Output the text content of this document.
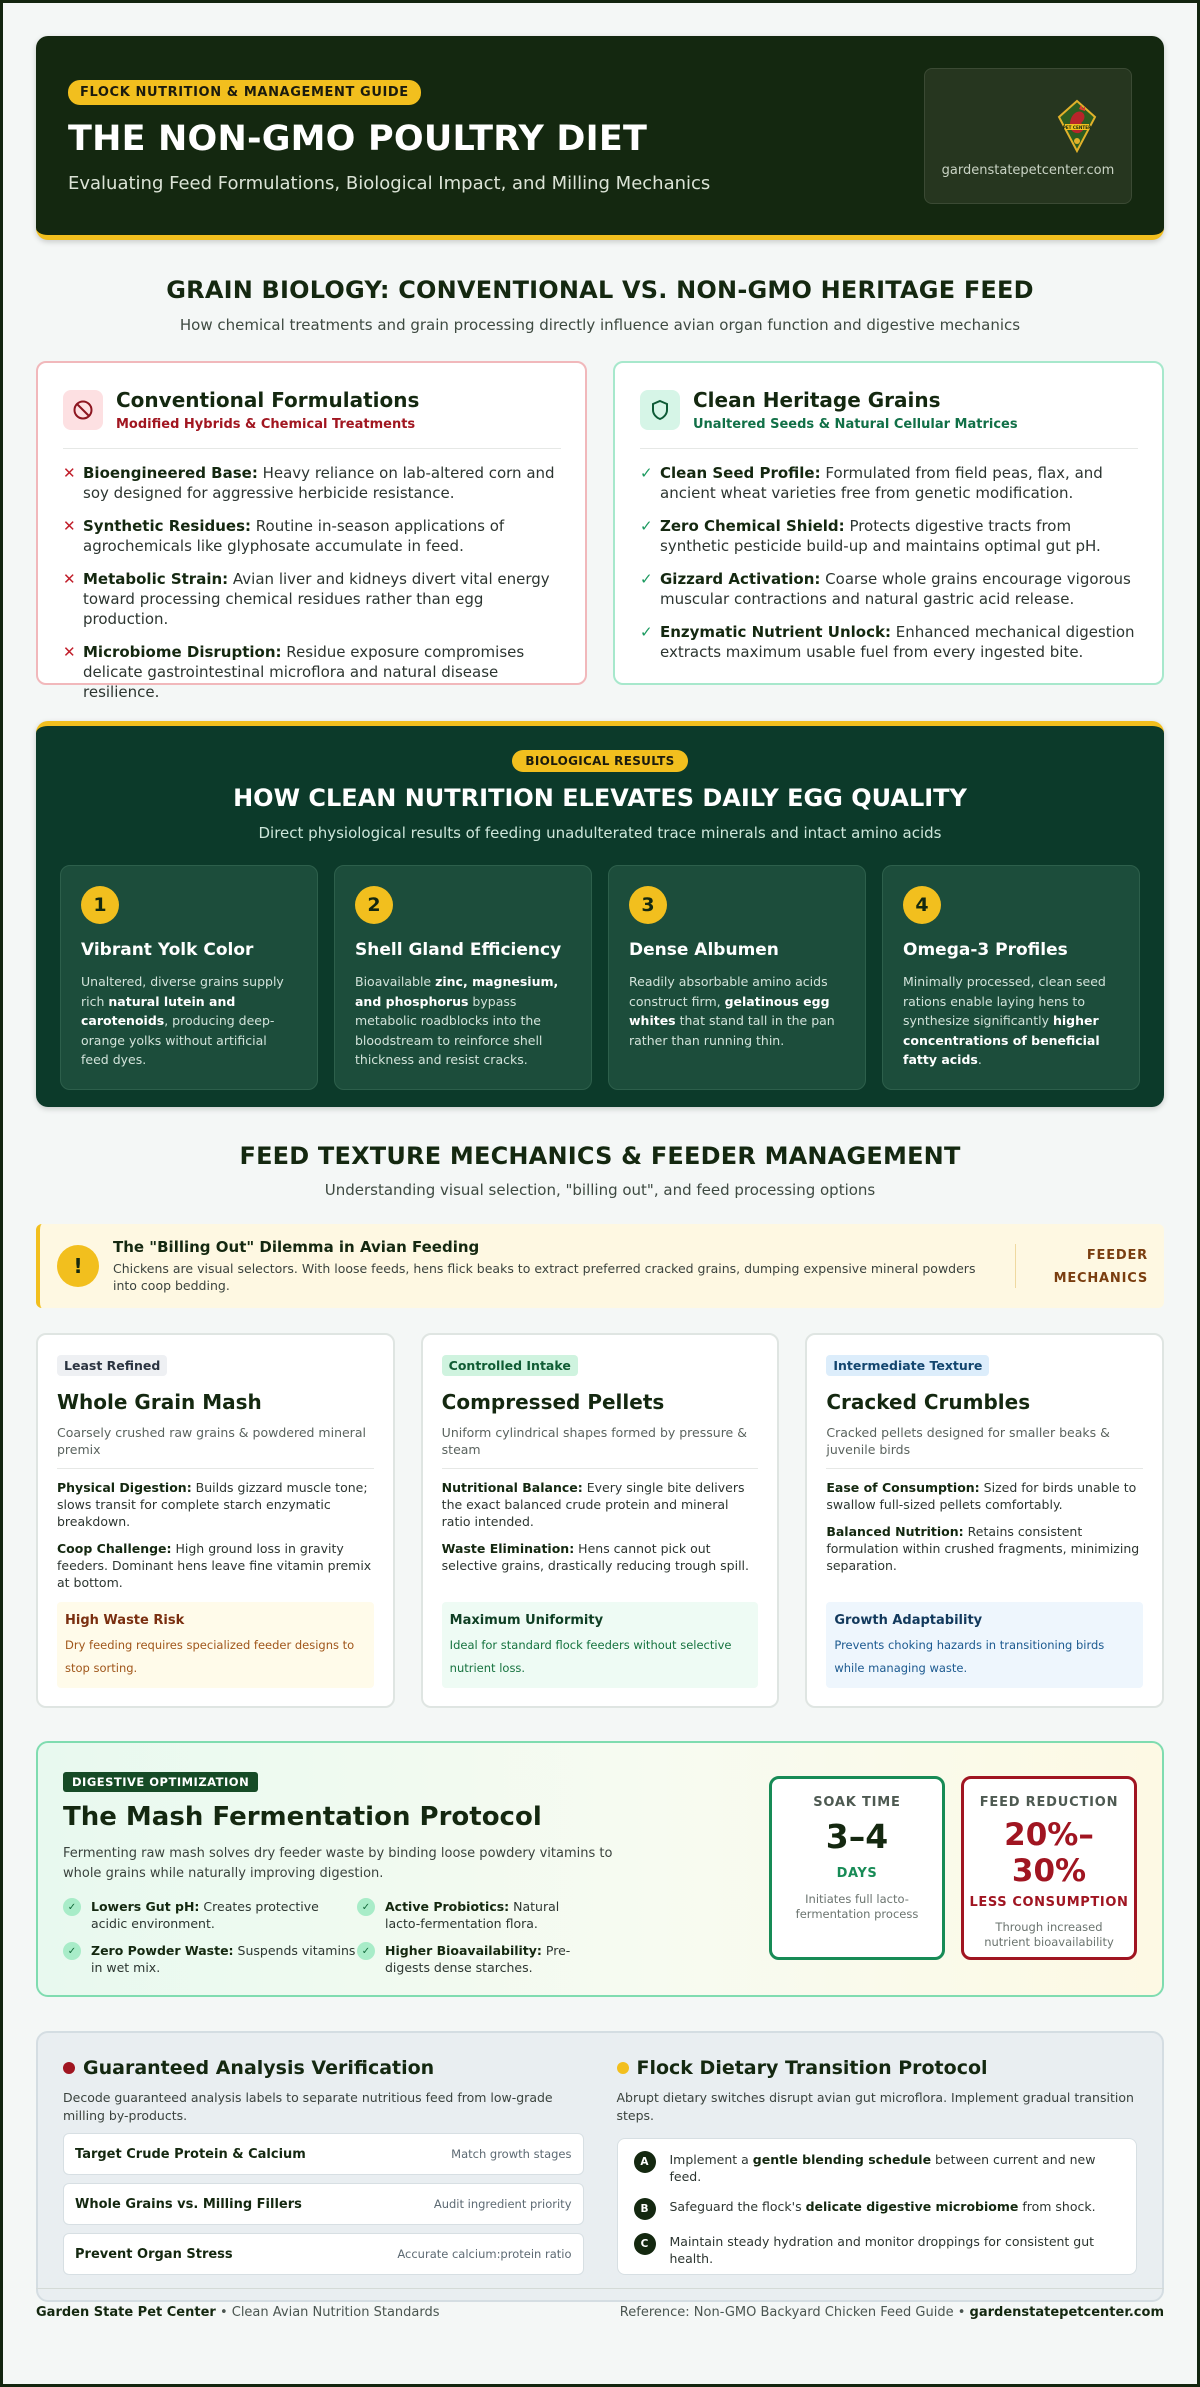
FLOCK NUTRITION & MANAGEMENT GUIDE
THE NON-GMO POULTRY DIET
Evaluating Feed Formulations, Biological Impact, and Milling Mechanics
PET CENTER
gardenstatepetcenter.com
GRAIN BIOLOGY: CONVENTIONAL VS. NON-GMO HERITAGE FEED
How chemical treatments and grain processing directly influence avian organ function and digestive mechanics
Conventional Formulations
Modified Hybrids & Chemical Treatments
✕ Bioengineered Base: Heavy reliance on lab-altered corn and soy designed for aggressive herbicide resistance.
✕ Synthetic Residues: Routine in-season applications of agrochemicals like glyphosate accumulate in feed.
✕ Metabolic Strain: Avian liver and kidneys divert vital energy toward processing chemical residues rather than egg production.
✕ Microbiome Disruption: Residue exposure compromises delicate gastrointestinal microflora and natural disease resilience.
Clean Heritage Grains
Unaltered Seeds & Natural Cellular Matrices
✓ Clean Seed Profile: Formulated from field peas, flax, and ancient wheat varieties free from genetic modification.
✓ Zero Chemical Shield: Protects digestive tracts from synthetic pesticide build-up and maintains optimal gut pH.
✓ Gizzard Activation: Coarse whole grains encourage vigorous muscular contractions and natural gastric acid release.
✓ Enzymatic Nutrient Unlock: Enhanced mechanical digestion extracts maximum usable fuel from every ingested bite.
BIOLOGICAL RESULTS
HOW CLEAN NUTRITION ELEVATES DAILY EGG QUALITY
Direct physiological results of feeding unadulterated trace minerals and intact amino acids
1
Vibrant Yolk Color

Unaltered, diverse grains supply rich natural lutein and carotenoids, producing deep-orange yolks without artificial feed dyes.

2
Shell Gland Efficiency

Bioavailable zinc, magnesium, and phosphorus bypass metabolic roadblocks into the bloodstream to reinforce shell thickness and resist cracks.

3
Dense Albumen

Readily absorbable amino acids construct firm, gelatinous egg whites that stand tall in the pan rather than running thin.

4
Omega-3 Profiles

Minimally processed, clean seed rations enable laying hens to synthesize significantly higher concentrations of beneficial fatty acids.

FEED TEXTURE MECHANICS & FEEDER MANAGEMENT
Understanding visual selection, "billing out", and feed processing options
!
The "Billing Out" Dilemma in Avian Feeding
Chickens are visual selectors. With loose feeds, hens flick beaks to extract preferred cracked grains, dumping expensive mineral powders into coop bedding.
FEEDER
MECHANICS
Least Refined
Whole Grain Mash
Coarsely crushed raw grains & powdered mineral premix
Physical Digestion: Builds gizzard muscle tone; slows transit for complete starch enzymatic breakdown.
Coop Challenge: High ground loss in gravity feeders. Dominant hens leave fine vitamin premix at bottom.
High Waste Risk
Dry feeding requires specialized feeder designs to stop sorting.
Controlled Intake
Compressed Pellets
Uniform cylindrical shapes formed by pressure & steam
Nutritional Balance: Every single bite delivers the exact balanced crude protein and mineral ratio intended.
Waste Elimination: Hens cannot pick out selective grains, drastically reducing trough spill.
Maximum Uniformity
Ideal for standard flock feeders without selective nutrient loss.
Intermediate Texture
Cracked Crumbles
Cracked pellets designed for smaller beaks & juvenile birds
Ease of Consumption: Sized for birds unable to swallow full-sized pellets comfortably.
Balanced Nutrition: Retains consistent formulation within crushed fragments, minimizing separation.
Growth Adaptability
Prevents choking hazards in transitioning birds while managing waste.
DIGESTIVE OPTIMIZATION
The Mash Fermentation Protocol
Fermenting raw mash solves dry feeder waste by binding loose powdery vitamins to whole grains while naturally improving digestion.
✓	Lowers Gut pH: Creates protective acidic environment.
✓	Active Probiotics: Natural lacto-fermentation flora.
✓	Zero Powder Waste: Suspends vitamins in wet mix.
✓	Higher Bioavailability: Pre-digests dense starches.
SOAK TIME
3–4
DAYS
Initiates full lacto-fermentation process
FEED REDUCTION
20%–
30%
LESS CONSUMPTION
Through increased nutrient bioavailability
Guaranteed Analysis Verification
Decode guaranteed analysis labels to separate nutritious feed from low-grade milling by-products.
Target Crude Protein & Calcium	Match growth stages
Whole Grains vs. Milling Fillers	Audit ingredient priority
Prevent Organ Stress	Accurate calcium:protein ratio
Flock Dietary Transition Protocol
Abrupt dietary switches disrupt avian gut microflora. Implement gradual transition steps.
A	Implement a gentle blending schedule between current and new feed.
B	Safeguard the flock's delicate digestive microbiome from shock.
C	Maintain steady hydration and monitor droppings for consistent gut health.
Garden State Pet Center • Clean Avian Nutrition Standards	Reference: Non-GMO Backyard Chicken Feed Guide • gardenstatepetcenter.com
